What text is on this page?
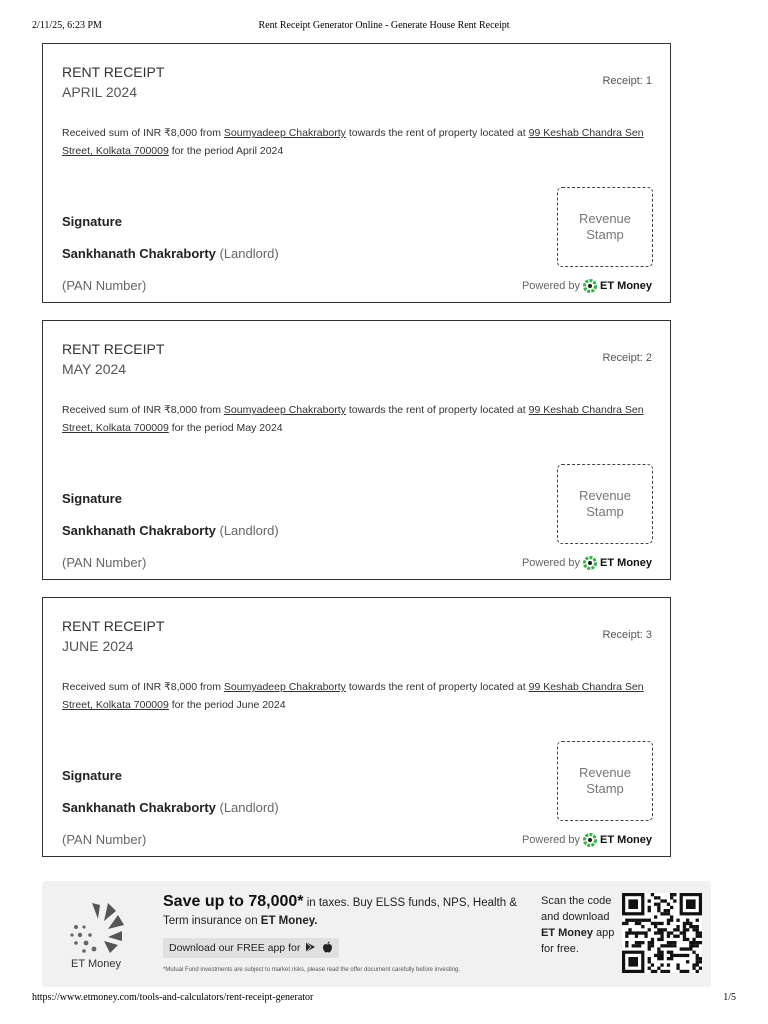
2/11/25, 6:23 PM	Rent Receipt Generator Online - Generate House Rent Receipt
RENT RECEIPT
APRIL 2024
Receipt: 1
Received sum of INR ₹8,000 from Soumyadeep Chakraborty towards the rent of property located at 99 Keshab Chandra Sen Street, Kolkata 700009 for the period April 2024
Signature
Sankhanath Chakraborty (Landlord)
(PAN Number)
Revenue Stamp
Powered by ET Money
RENT RECEIPT
MAY 2024
Receipt: 2
Received sum of INR ₹8,000 from Soumyadeep Chakraborty towards the rent of property located at 99 Keshab Chandra Sen Street, Kolkata 700009 for the period May 2024
Signature
Sankhanath Chakraborty (Landlord)
(PAN Number)
Revenue Stamp
Powered by ET Money
RENT RECEIPT
JUNE 2024
Receipt: 3
Received sum of INR ₹8,000 from Soumyadeep Chakraborty towards the rent of property located at 99 Keshab Chandra Sen Street, Kolkata 700009 for the period June 2024
Signature
Sankhanath Chakraborty (Landlord)
(PAN Number)
Revenue Stamp
Powered by ET Money
ET Money
Save up to 78,000* in taxes. Buy ELSS funds, NPS, Health & Term insurance on ET Money.
Download our FREE app for
*Mutual Fund investments are subject to market risks, please read the offer document carefully before investing.
Scan the code and download ET Money app for free.
https://www.etmoney.com/tools-and-calculators/rent-receipt-generator	1/5
